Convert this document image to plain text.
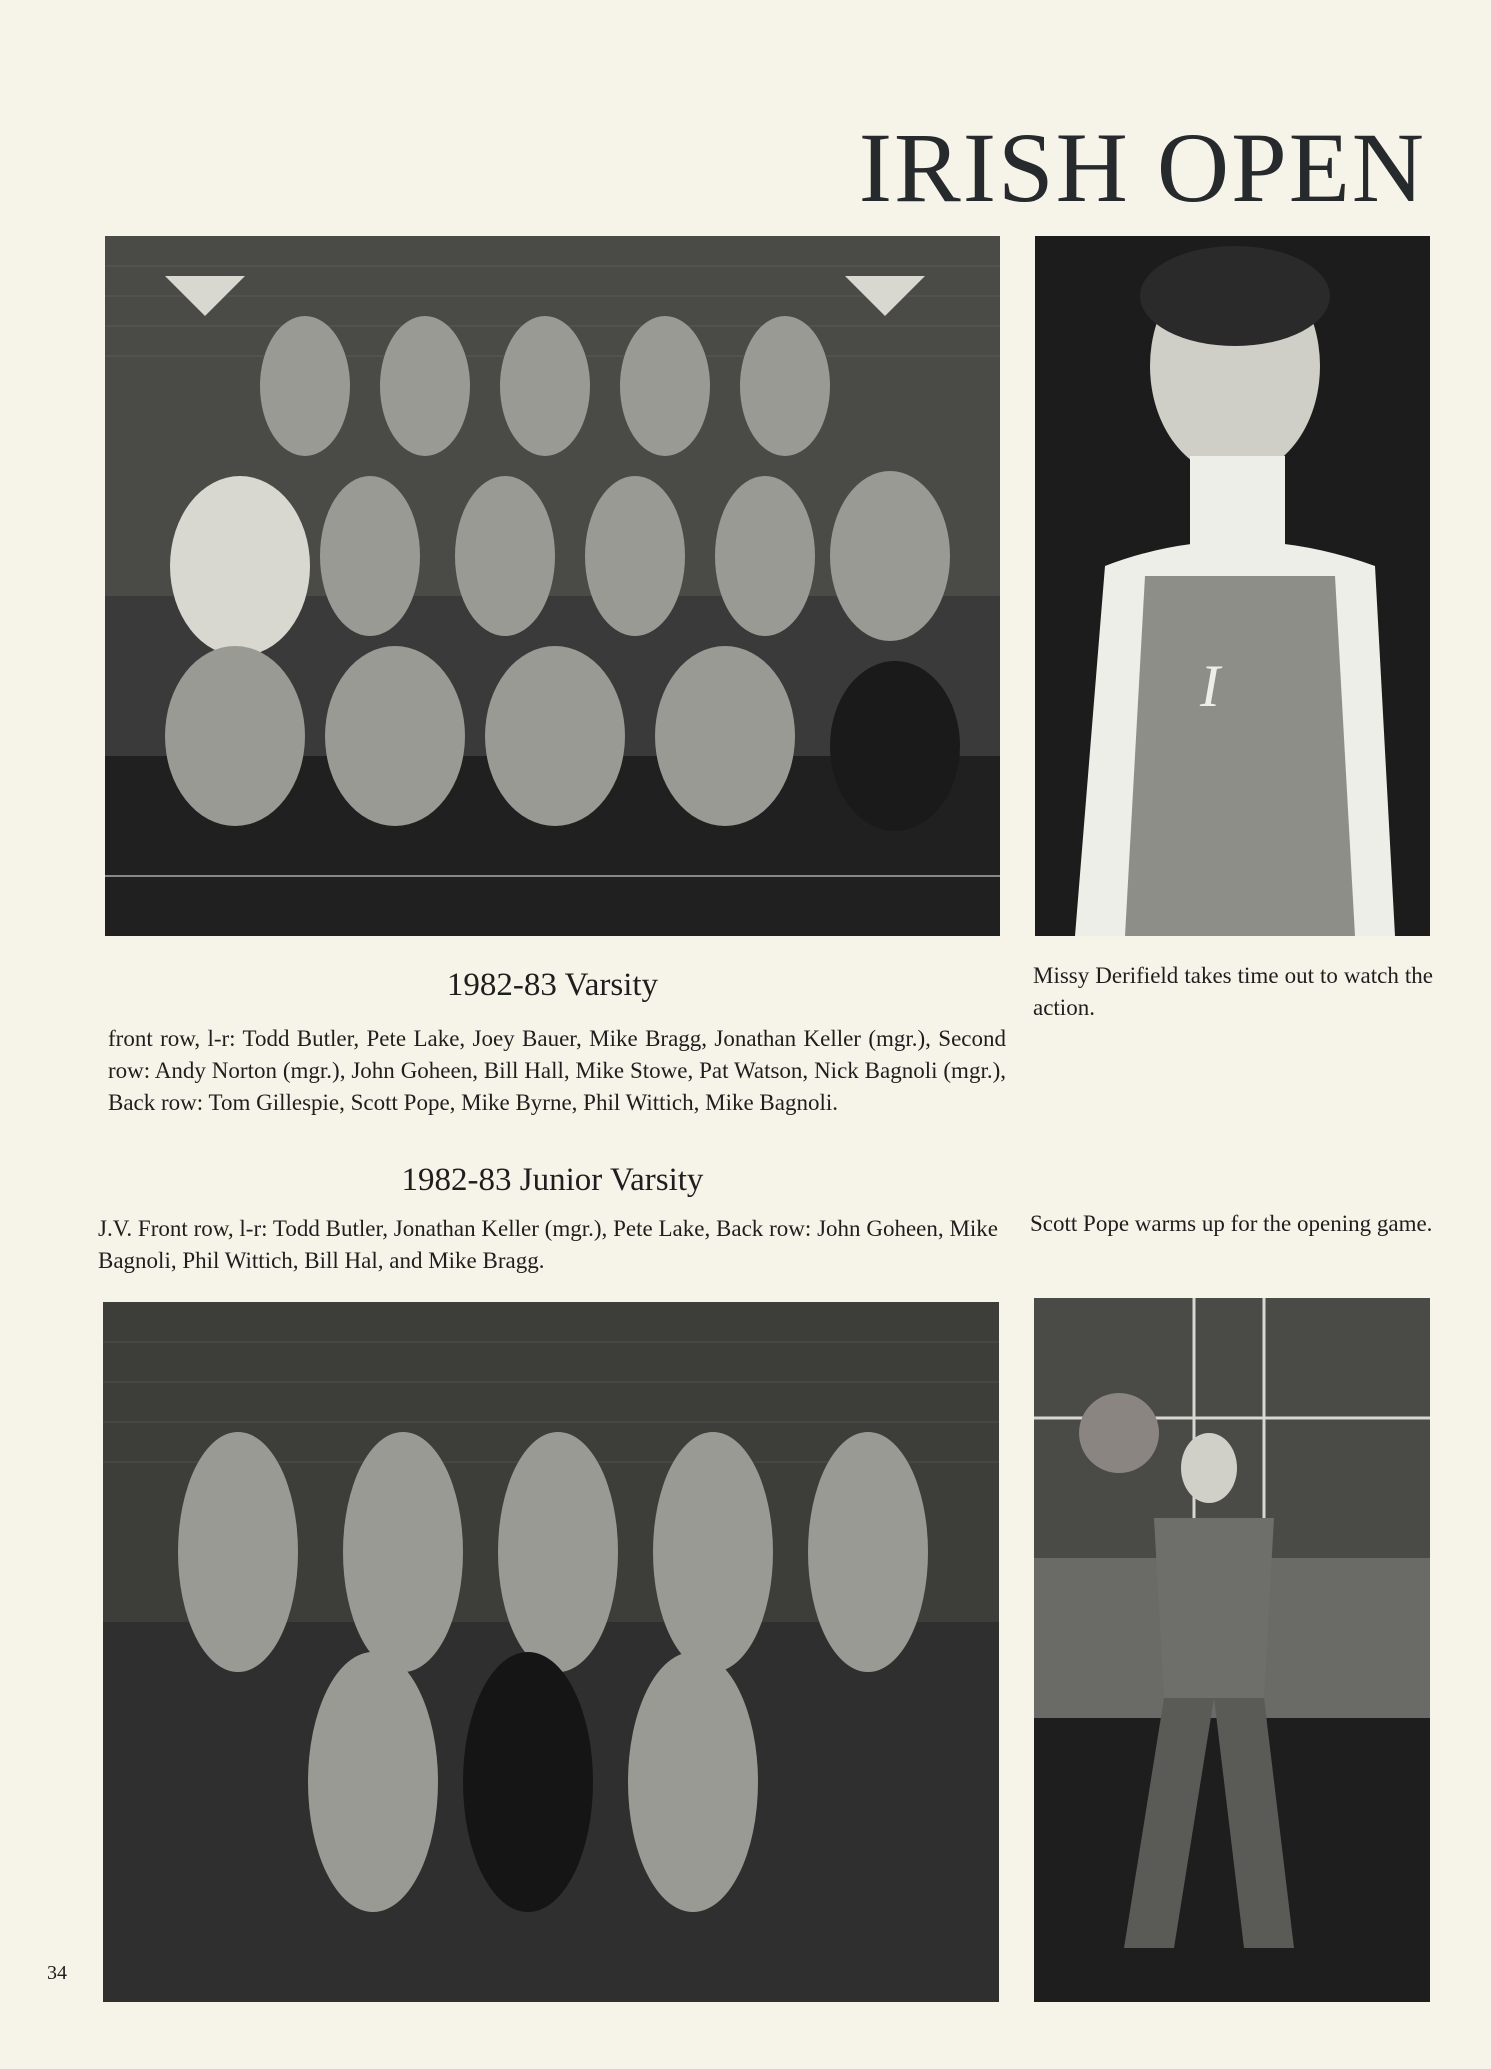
IRISH OPEN
I
1982-83 Varsity

front row, l-r: Todd Butler, Pete Lake, Joey Bauer, Mike Bragg, Jonathan Keller (mgr.), Second row: Andy Norton (mgr.), John Goheen, Bill Hall, Mike Stowe, Pat Watson, Nick Bagnoli (mgr.), Back row: Tom Gillespie, Scott Pope, Mike Byrne, Phil Wittich, Mike Bagnoli.

1982-83 Junior Varsity

J.V. Front row, l-r: Todd Butler, Jonathan Keller (mgr.), Pete Lake, Back row: John Goheen, Mike Bagnoli, Phil Wittich, Bill Hal, and Mike Bragg.

Missy Derifield takes time out to watch the action.

Scott Pope warms up for the opening game.

34
